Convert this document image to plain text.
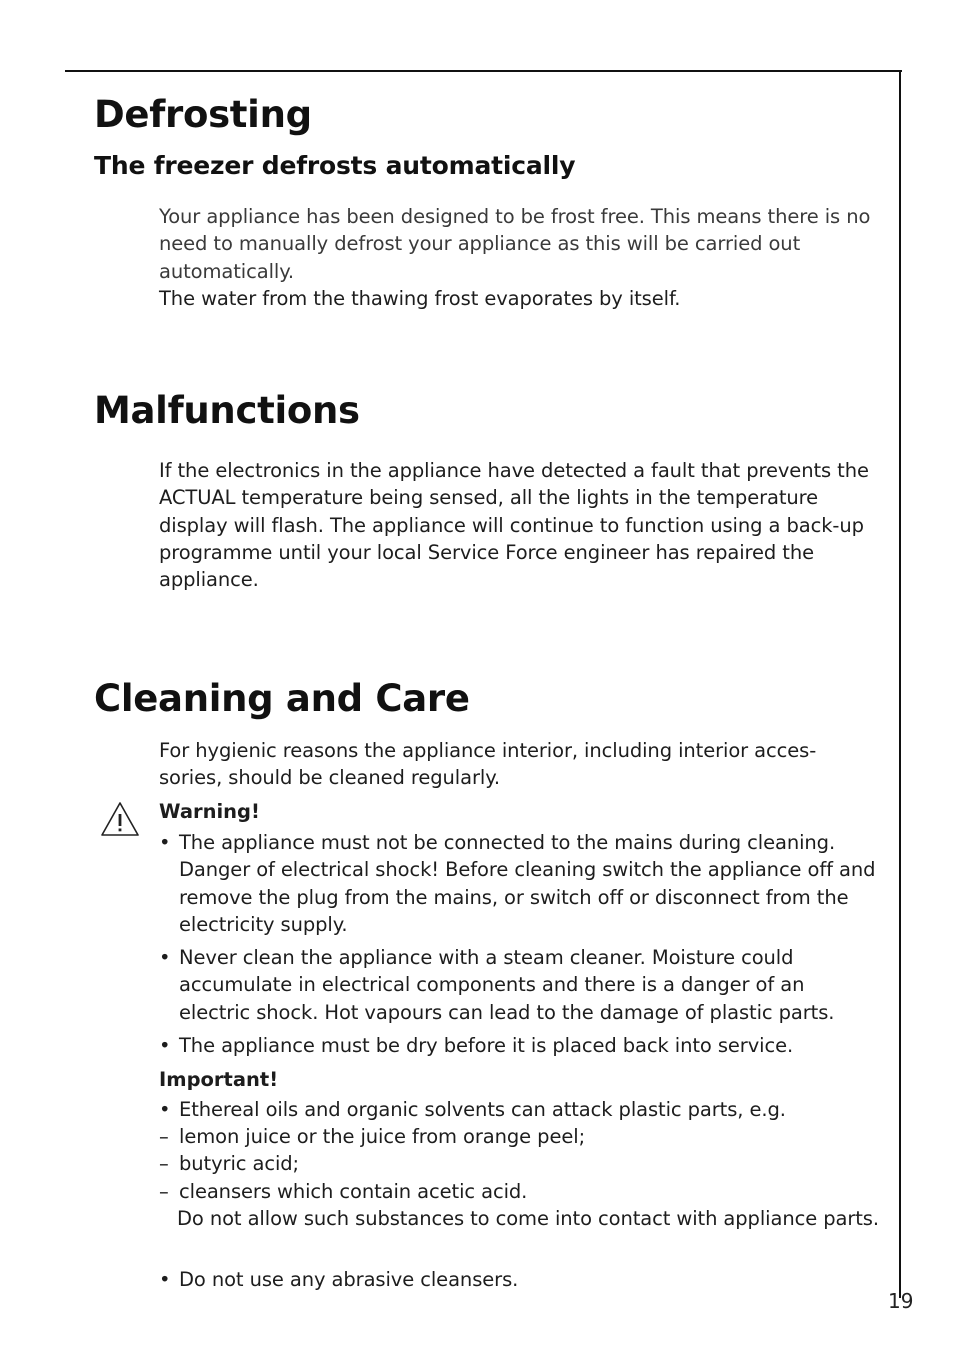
Defrosting
The freezer defrosts automatically

Your appliance has been designed to be frost free. This means there is no need to manually defrost your appliance as this will be carried out automatically.

The water from the thawing frost evaporates by itself.

Malfunctions

If the electronics in the appliance have detected a fault that prevents the ACTUAL temperature being sensed, all the lights in the temperature display will flash. The appliance will continue to function using a back-up programme until your local Service Force engineer has repaired the appliance.

Cleaning and Care

For hygienic reasons the appliance interior, including interior acces-sories, should be cleaned regularly.

Warning!

• The appliance must not be connected to the mains during cleaning. Danger of electrical shock! Before cleaning switch the appliance off and remove the plug from the mains, or switch off or disconnect from the electricity supply.
• Never clean the appliance with a steam cleaner. Moisture could accumulate in electrical components and there is a danger of an electric shock. Hot vapours can lead to the damage of plastic parts.
• The appliance must be dry before it is placed back into service.

Important!

• Ethereal oils and organic solvents can attack plastic parts, e.g.
– lemon juice or the juice from orange peel;
– butyric acid;
– cleansers which contain acetic acid.
Do not allow such substances to come into contact with appliance parts.
• Do not use any abrasive cleansers.
19
